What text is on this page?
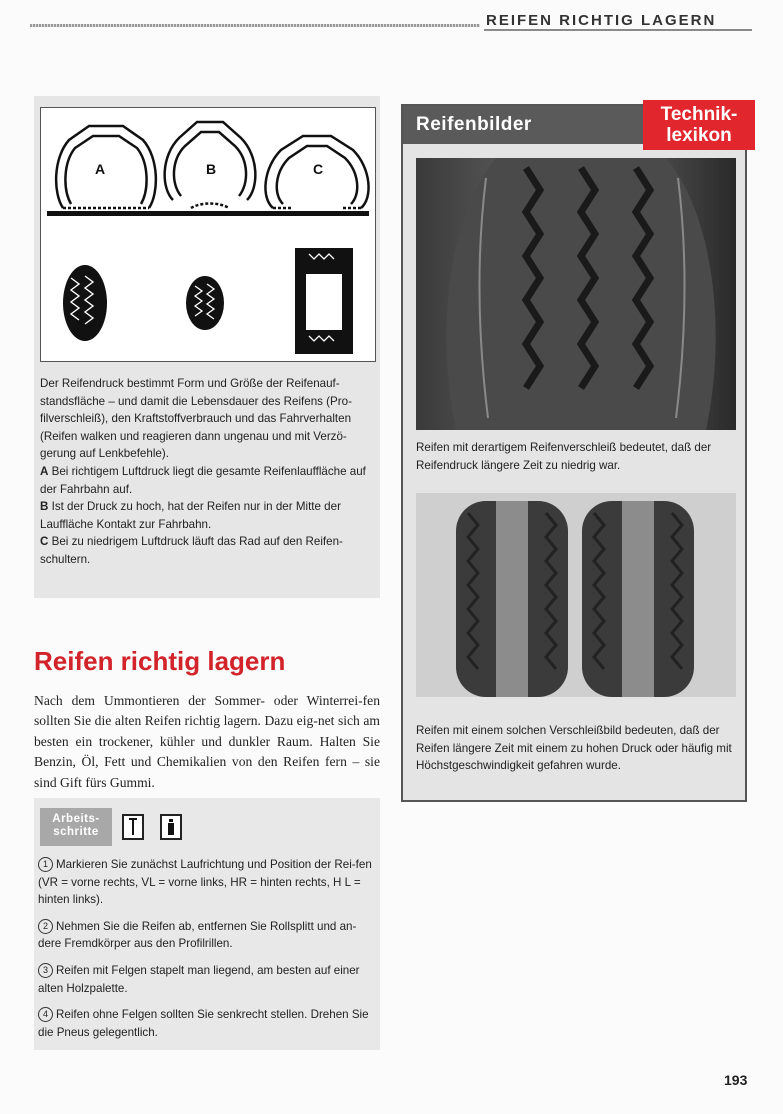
REIFEN RICHTIG LAGERN
A	B	C

Der Reifendruck bestimmt Form und Größe der Reifenauf-standsfläche – und damit die Lebensdauer des Reifens (Pro-filverschleiß), den Kraftstoffverbrauch und das Fahrverhalten (Reifen walken und reagieren dann ungenau und mit Verzö-gerung auf Lenkbefehle).

A Bei richtigem Luftdruck liegt die gesamte Reifenlauffläche auf der Fahrbahn auf.

B Ist der Druck zu hoch, hat der Reifen nur in der Mitte der Lauffläche Kontakt zur Fahrbahn.

C Bei zu niedrigem Luftdruck läuft das Rad auf den Reifen-schultern.

Reifen richtig lagern
Nach dem Ummontieren der Sommer- oder Winterrei-fen sollten Sie die alten Reifen richtig lagern. Dazu eig-net sich am besten ein trockener, kühler und dunkler Raum. Halten Sie Benzin, Öl, Fett und Chemikalien von den Reifen fern – sie sind Gift fürs Gummi.
Arbeits-schritte

1 Markieren Sie zunächst Laufrichtung und Position der Rei-fen (VR = vorne rechts, VL = vorne links, HR = hinten rechts, H L = hinten links).

2 Nehmen Sie die Reifen ab, entfernen Sie Rollsplitt und an-dere Fremdkörper aus den Profilrillen.

3 Reifen mit Felgen stapelt man liegend, am besten auf einer alten Holzpalette.

4 Reifen ohne Felgen sollten Sie senkrecht stellen. Drehen Sie die Pneus gelegentlich.

Reifenbilder	Technik-lexikon
Reifen mit derartigem Reifenverschleiß bedeutet, daß der Reifendruck längere Zeit zu niedrig war.
Reifen mit einem solchen Verschleißbild bedeuten, daß der Reifen längere Zeit mit einem zu hohen Druck oder häufig mit Höchstgeschwindigkeit gefahren wurde.
193
